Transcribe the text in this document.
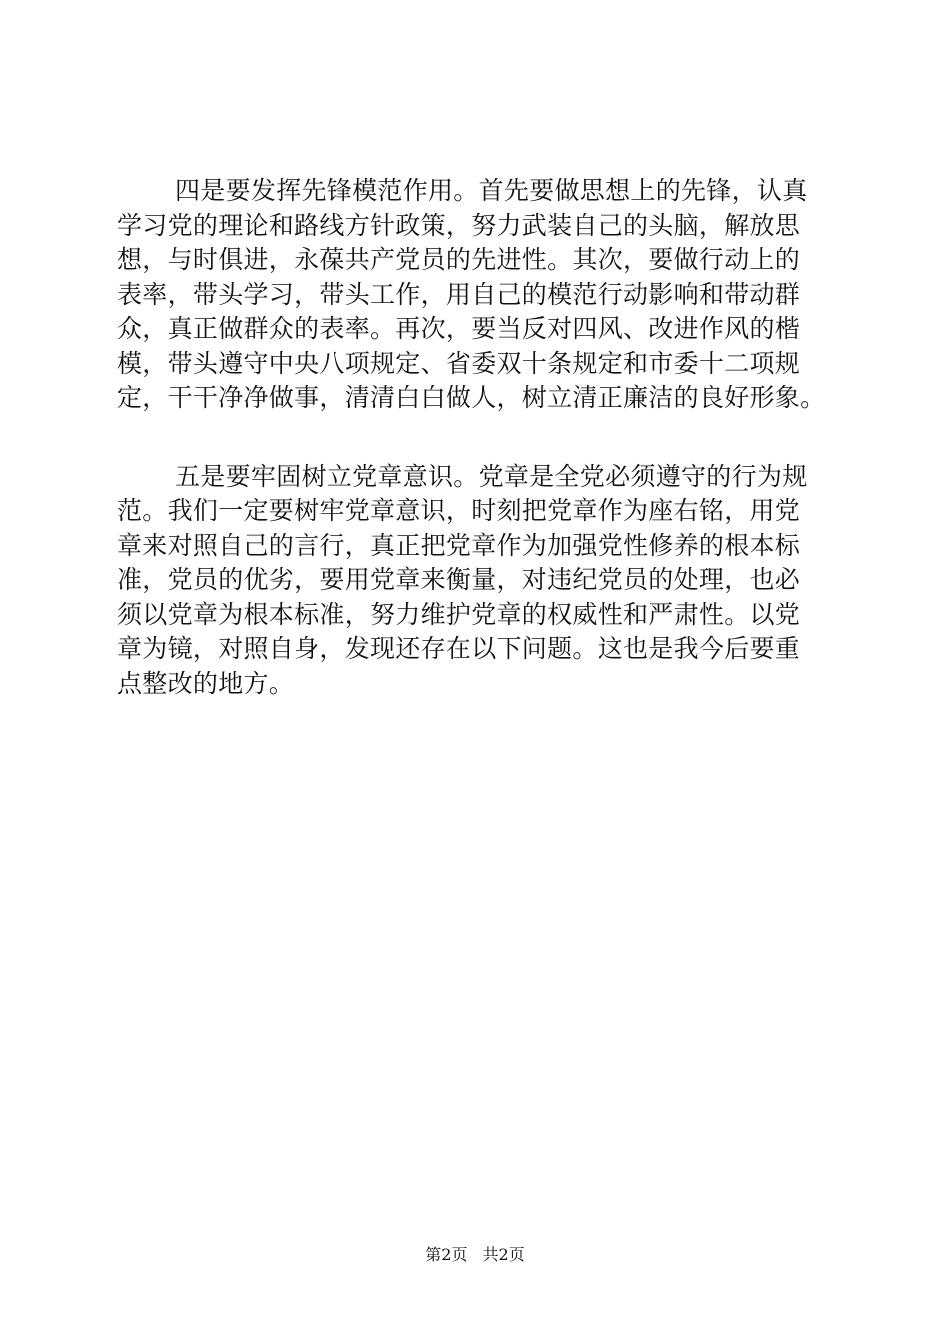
四是要发挥先锋模范作用。首先要做思想上的先锋，认真
学习党的理论和路线方针政策，努力武装自己的头脑，解放思
想，与时俱进，永葆共产党员的先进性。其次，要做行动上的
表率，带头学习，带头工作，用自己的模范行动影响和带动群
众，真正做群众的表率。再次，要当反对四风、改进作风的楷
模，带头遵守中央八项规定、省委双十条规定和市委十二项规
定，干干净净做事，清清白白做人，树立清正廉洁的良好形象。

五是要牢固树立党章意识。党章是全党必须遵守的行为规
范。我们一定要树牢党章意识，时刻把党章作为座右铭，用党
章来对照自己的言行，真正把党章作为加强党性修养的根本标
准，党员的优劣，要用党章来衡量，对违纪党员的处理，也必
须以党章为根本标准，努力维护党章的权威性和严肃性。以党
章为镜，对照自身，发现还存在以下问题。这也是我今后要重
点整改的地方。

第2页 共2页
